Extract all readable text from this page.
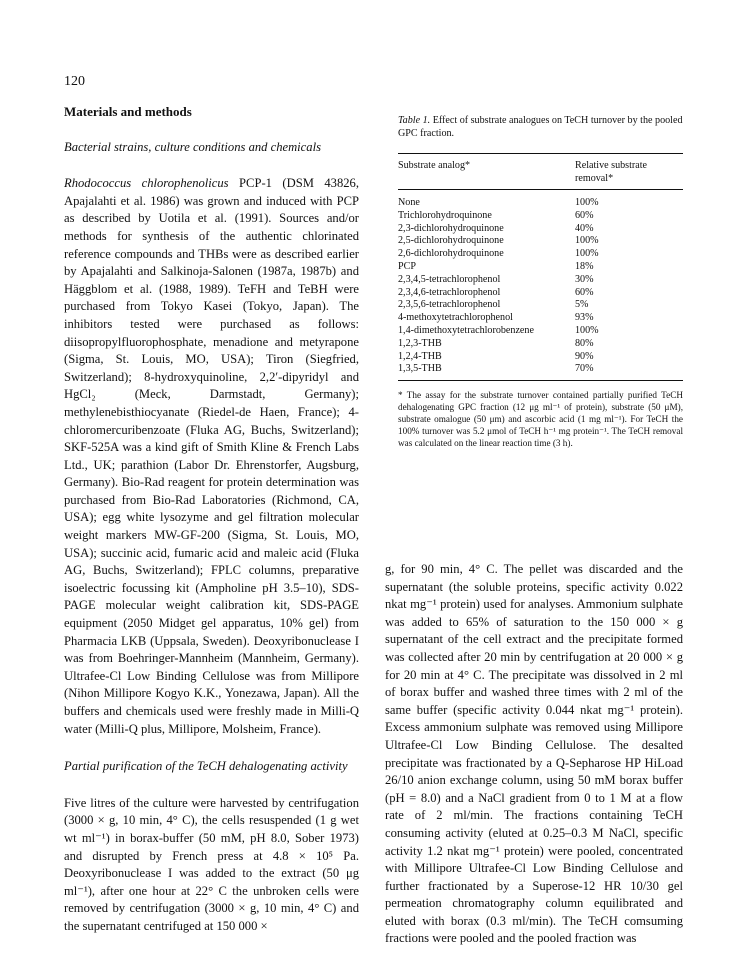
120
Materials and methods
Bacterial strains, culture conditions and chemicals

Rhodococcus chlorophenolicus PCP-1 (DSM 43826, Apajalahti et al. 1986) was grown and induced with PCP as described by Uotila et al. (1991). Sources and/or methods for synthesis of the authentic chlorinated reference compounds and THBs were as described earlier by Apajalahti and Salkinoja-Salonen (1987a, 1987b) and Häggblom et al. (1988, 1989). TeFH and TeBH were purchased from Tokyo Kasei (Tokyo, Japan). The inhibitors tested were purchased as follows: diisopropylfluorophosphate, menadione and metyrapone (Sigma, St. Louis, MO, USA); Tiron (Siegfried, Switzerland); 8-hydroxyquinoline, 2,2′-dipyridyl and HgCl₂ (Meck, Darmstadt, Germany); methylenebisthiocyanate (Riedel-de Haen, France); 4-chloromercuribenzoate (Fluka AG, Buchs, Switzerland); SKF-525A was a kind gift of Smith Kline & French Labs Ltd., UK; parathion (Labor Dr. Ehrenstorfer, Augsburg, Germany). Bio-Rad reagent for protein determination was purchased from Bio-Rad Laboratories (Richmond, CA, USA); egg white lysozyme and gel filtration molecular weight markers MW-GF-200 (Sigma, St. Louis, MO, USA); succinic acid, fumaric acid and maleic acid (Fluka AG, Buchs, Switzerland); FPLC columns, preparative isoelectric focussing kit (Ampholine pH 3.5–10), SDS-PAGE molecular weight calibration kit, SDS-PAGE equipment (2050 Midget gel apparatus, 10% gel) from Pharmacia LKB (Uppsala, Sweden). Deoxyribonuclease I was from Boehringer-Mannheim (Mannheim, Germany). Ultrafee-Cl Low Binding Cellulose was from Millipore (Nihon Millipore Kogyo K.K., Yonezawa, Japan). All the buffers and chemicals used were freshly made in Milli-Q water (Milli-Q plus, Millipore, Molsheim, France).

Partial purification of the TeCH dehalogenating activity

Five litres of the culture were harvested by centrifugation (3000 × g, 10 min, 4° C), the cells resuspended (1 g wet wt ml⁻¹) in borax-buffer (50 mM, pH 8.0, Sober 1973) and disrupted by French press at 4.8 × 10⁵ Pa. Deoxyribonuclease I was added to the extract (50 μg ml⁻¹), after one hour at 22° C the unbroken cells were removed by centrifugation (3000 × g, 10 min, 4° C) and the supernatant centrifuged at 150 000 ×

Table 1. Effect of substrate analogues on TeCH turnover by the pooled GPC fraction.
Substrate analog*	Relative substrate removal*
None	100%
Trichlorohydroquinone	60%
2,3-dichlorohydroquinone	40%
2,5-dichlorohydroquinone	100%
2,6-dichlorohydroquinone	100%
PCP	18%
2,3,4,5-tetrachlorophenol	30%
2,3,4,6-tetrachlorophenol	60%
2,3,5,6-tetrachlorophenol	5%
4-methoxytetrachlorophenol	93%
1,4-dimethoxytetrachlorobenzene	100%
1,2,3-THB	80%
1,2,4-THB	90%
1,3,5-THB	70%
* The assay for the substrate turnover contained partially purified TeCH dehalogenating GPC fraction (12 μg ml⁻¹ of protein), substrate (50 μM), substrate omalogue (50 μm) and ascorbic acid (1 mg ml⁻¹). For TeCH the 100% turnover was 5.2 μmol of TeCH h⁻¹ mg protein⁻¹. The TeCH removal was calculated on the linear reaction time (3 h).

g, for 90 min, 4° C. The pellet was discarded and the supernatant (the soluble proteins, specific activity 0.022 nkat mg⁻¹ protein) used for analyses. Ammonium sulphate was added to 65% of saturation to the 150 000 × g supernatant of the cell extract and the precipitate formed was collected after 20 min by centrifugation at 20 000 × g for 20 min at 4° C. The precipitate was dissolved in 2 ml of borax buffer and washed three times with 2 ml of the same buffer (specific activity 0.044 nkat mg⁻¹ protein). Excess ammonium sulphate was removed using Millipore Ultrafee-Cl Low Binding Cellulose. The desalted precipitate was fractionated by a Q-Sepharose HP HiLoad 26/10 anion exchange column, using 50 mM borax buffer (pH = 8.0) and a NaCl gradient from 0 to 1 M at a flow rate of 2 ml/min. The fractions containing TeCH consuming activity (eluted at 0.25–0.3 M NaCl, specific activity 1.2 nkat mg⁻¹ protein) were pooled, concentrated with Millipore Ultrafee-Cl Low Binding Cellulose and further fractionated by a Superose-12 HR 10/30 gel permeation chromatography column equilibrated and eluted with borax (0.3 ml/min). The TeCH comsuming fractions were pooled and the pooled fraction was
